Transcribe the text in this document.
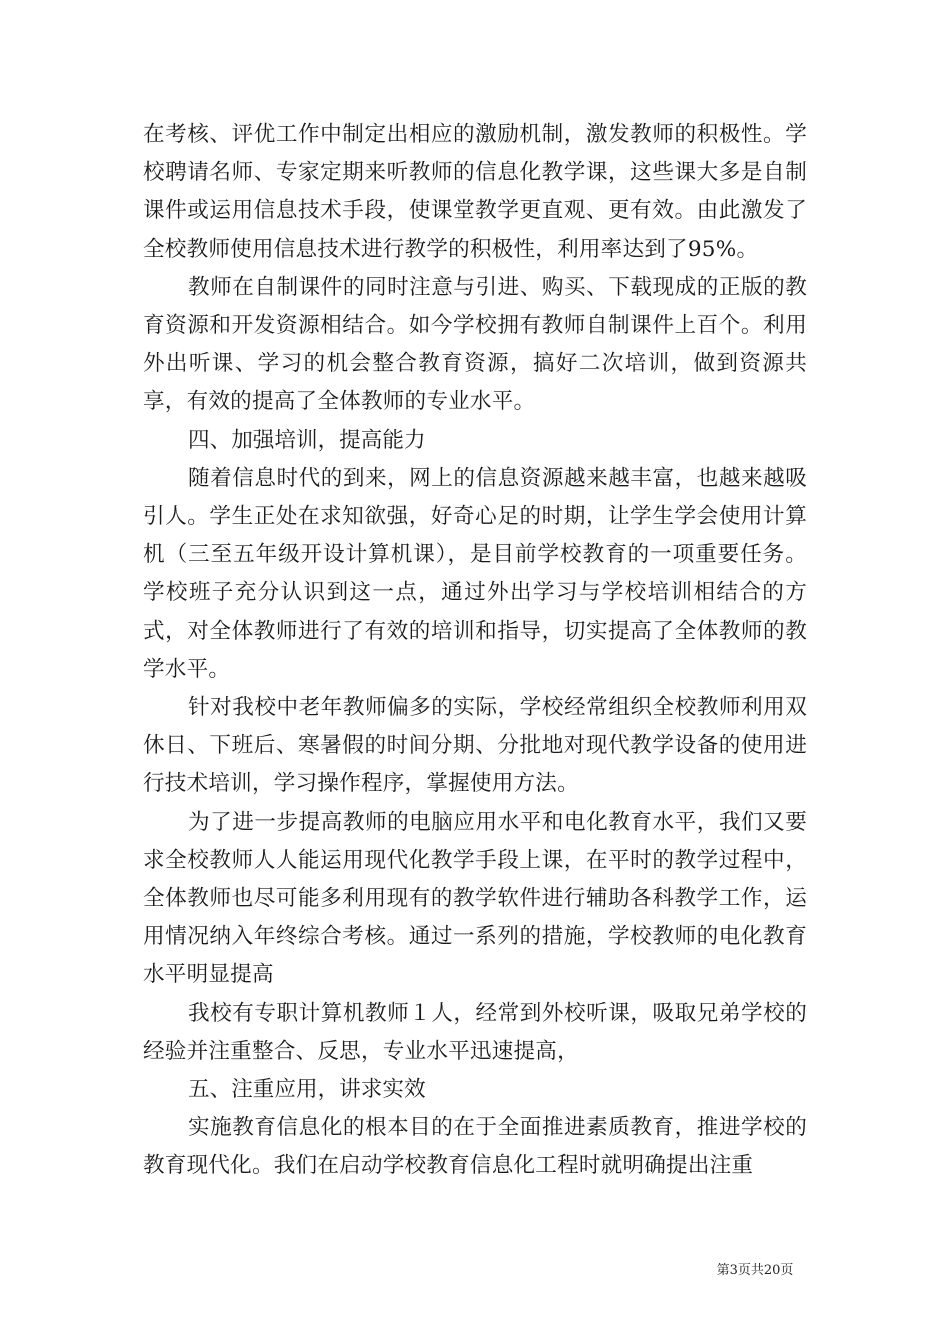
在考核、评优工作中制定出相应的激励机制，激发教师的积极性。学校聘请名师、专家定期来听教师的信息化教学课，这些课大多是自制课件或运用信息技术手段，使课堂教学更直观、更有效。由此激发了全校教师使用信息技术进行教学的积极性，利用率达到了95%。

教师在自制课件的同时注意与引进、购买、下载现成的正版的教育资源和开发资源相结合。如今学校拥有教师自制课件上百个。利用外出听课、学习的机会整合教育资源，搞好二次培训，做到资源共享，有效的提高了全体教师的专业水平。

四、加强培训，提高能力

随着信息时代的到来，网上的信息资源越来越丰富，也越来越吸引人。学生正处在求知欲强，好奇心足的时期，让学生学会使用计算机（三至五年级开设计算机课），是目前学校教育的一项重要任务。学校班子充分认识到这一点，通过外出学习与学校培训相结合的方式，对全体教师进行了有效的培训和指导，切实提高了全体教师的教学水平。

针对我校中老年教师偏多的实际，学校经常组织全校教师利用双休日、下班后、寒暑假的时间分期、分批地对现代教学设备的使用进行技术培训，学习操作程序，掌握使用方法。

为了进一步提高教师的电脑应用水平和电化教育水平，我们又要求全校教师人人能运用现代化教学手段上课，在平时的教学过程中，全体教师也尽可能多利用现有的教学软件进行辅助各科教学工作，运用情况纳入年终综合考核。通过一系列的措施，学校教师的电化教育水平明显提高

我校有专职计算机教师１人，经常到外校听课，吸取兄弟学校的经验并注重整合、反思，专业水平迅速提高，

五、注重应用，讲求实效

实施教育信息化的根本目的在于全面推进素质教育，推进学校的教育现代化。我们在启动学校教育信息化工程时就明确提出注重

第3页共20页
